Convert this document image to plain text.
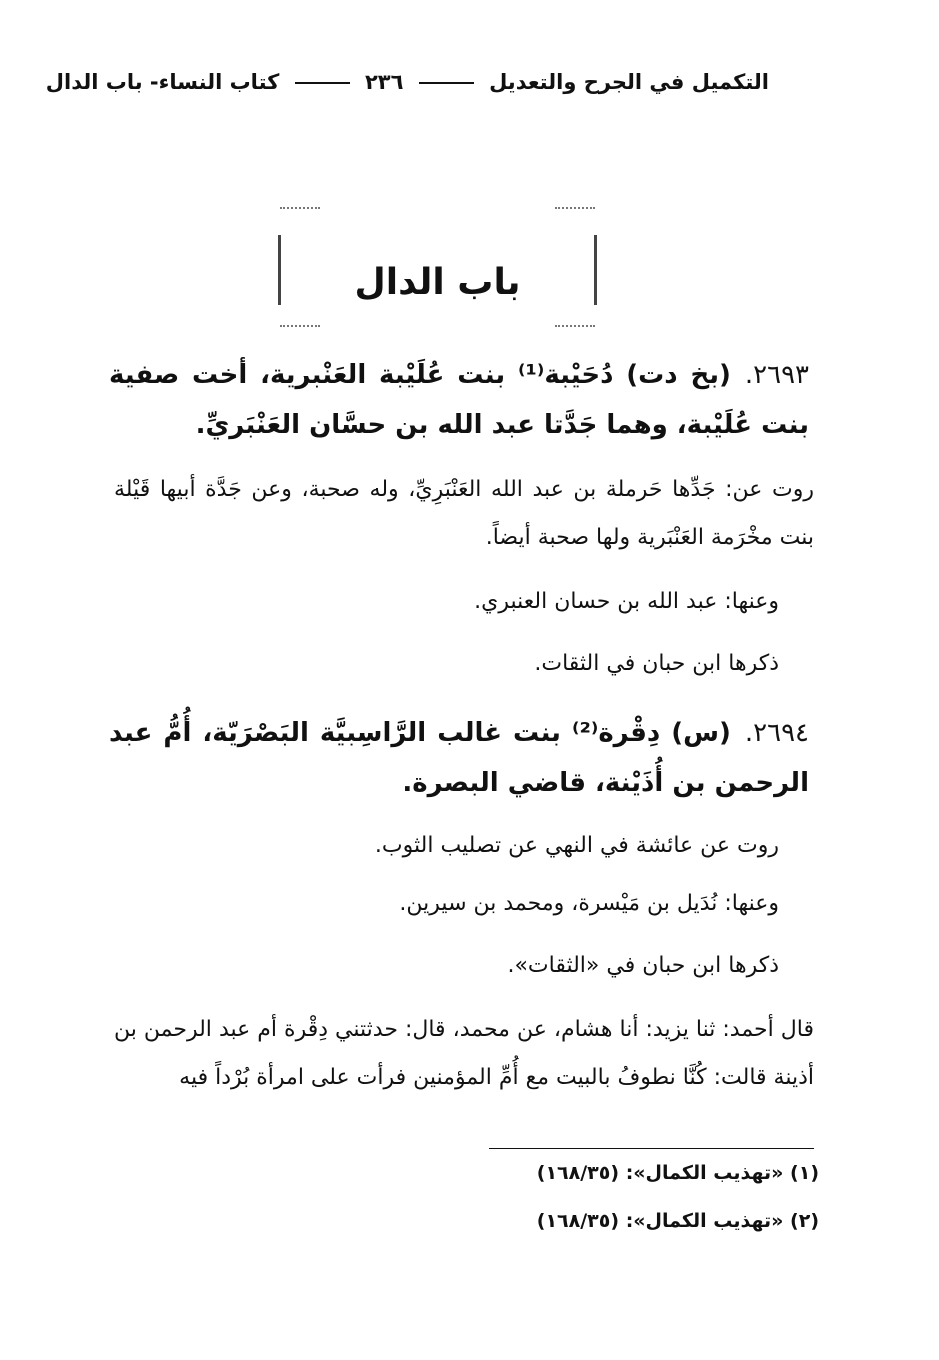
التكميل في الجرح والتعديل  ٢٣٦  كتاب النساء- باب الدال
باب الدال
٢٦٩٣.(بخ دت) دُحَيْبة⁽¹⁾ بنت عُلَيْبة العَنْبرية، أخت صفية بنت عُلَيْبة، وهما جَدَّتا عبد الله بن حسَّان العَنْبَريِّ.
روت عن: جَدِّها حَرملة بن عبد الله العَنْبَرِيِّ، وله صحبة، وعن جَدَّة أبيها قَيْلة بنت مخْرَمة العَنْبَرية ولها صحبة أيضاً.
وعنها: عبد الله بن حسان العنبري.
ذكرها ابن حبان في الثقات.
٢٦٩٤.(س) دِقْرة⁽²⁾ بنت غالب الرَّاسِبيَّة البَصْرَيّة، أُمُّ عبد الرحمن بن أُذَيْنة، قاضي البصرة.
روت عن عائشة في النهي عن تصليب الثوب.
وعنها: نُدَيل بن مَيْسرة، ومحمد بن سيرين.
ذكرها ابن حبان في «الثقات».
قال أحمد: ثنا يزيد: أنا هشام، عن محمد، قال: حدثتني دِقْرة أم عبد الرحمن بن أذينة قالت: كُنَّا نطوفُ بالبيت مع أُمِّ المؤمنين فرأت على امرأة بُرْداً فيه
(١) «تهذيب الكمال»: (١٦٨/٣٥)
(٢) «تهذيب الكمال»: (١٦٨/٣٥)
